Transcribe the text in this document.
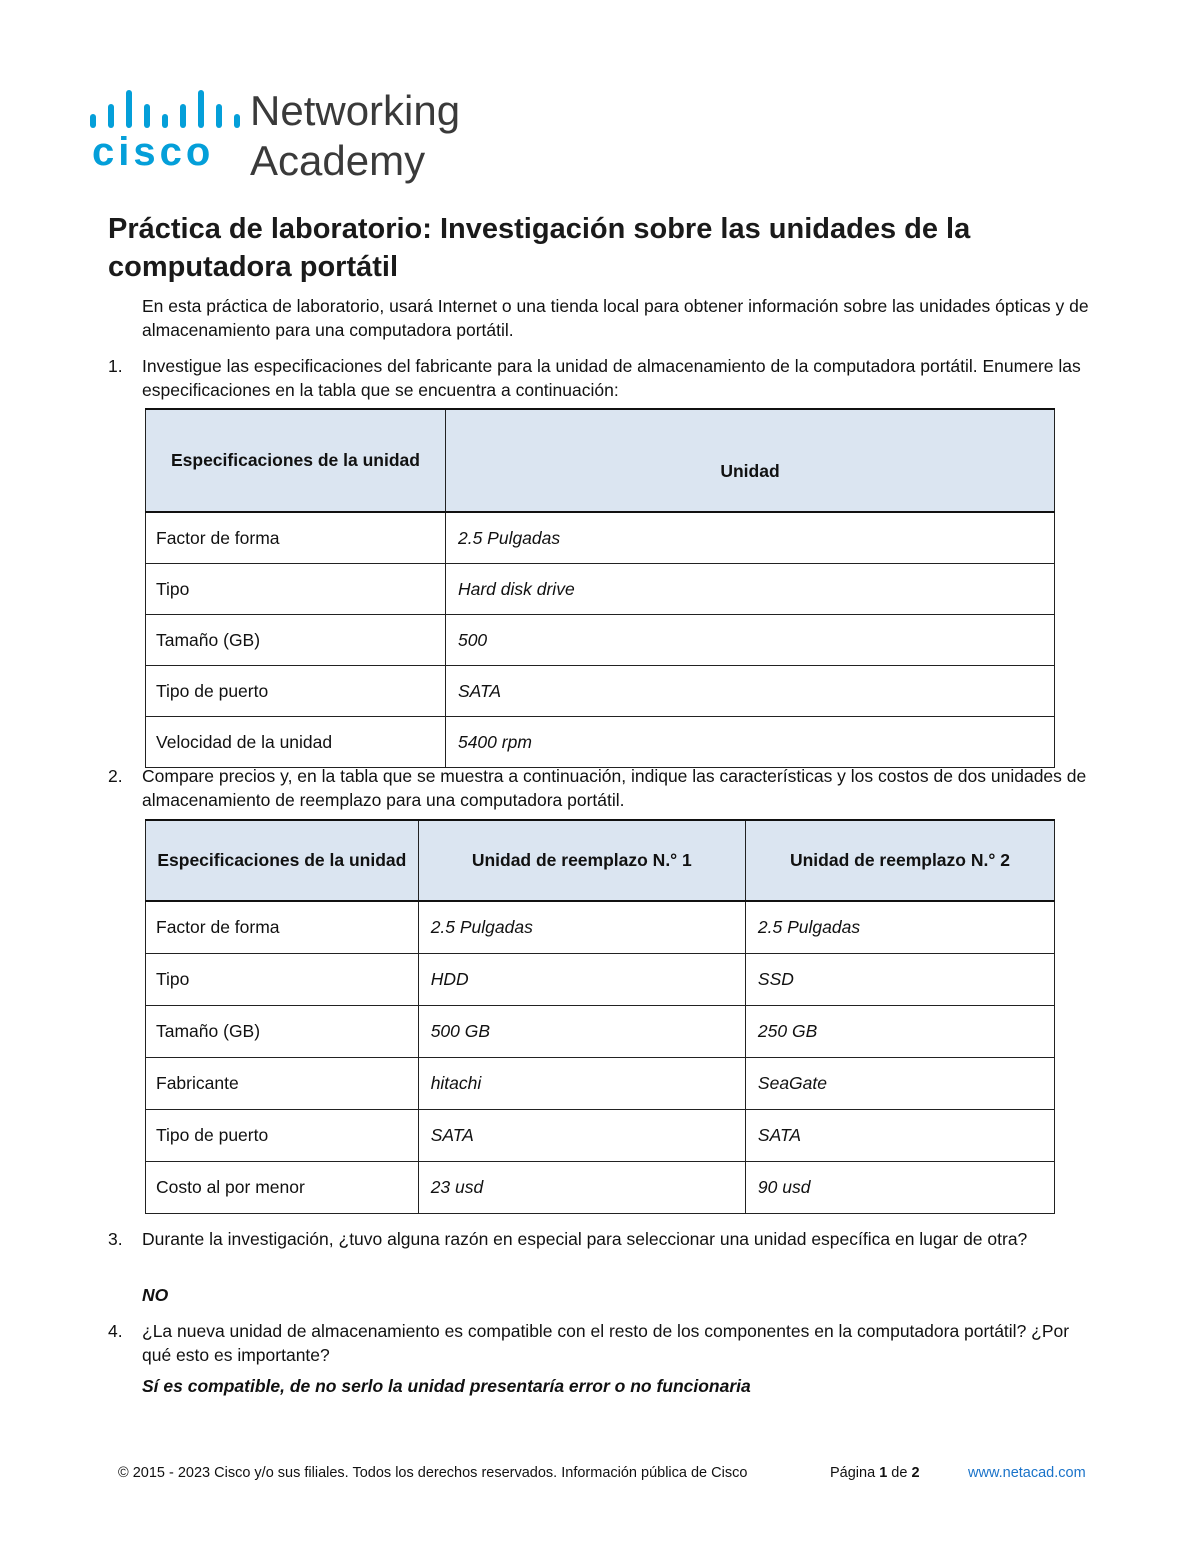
cisco
Networking
Academy
Práctica de laboratorio: Investigación sobre las unidades de la computadora portátil

En esta práctica de laboratorio, usará Internet o una tienda local para obtener información sobre las unidades ópticas y de almacenamiento para una computadora portátil.

1. Investigue las especificaciones del fabricante para la unidad de almacenamiento de la computadora portátil. Enumere las especificaciones en la tabla que se encuentra a continuación:
Especificaciones de la unidad	Unidad
Factor de forma	2.5 Pulgadas
Tipo	Hard disk drive
Tamaño (GB)	500
Tipo de puerto	SATA
Velocidad de la unidad	5400 rpm
2. Compare precios y, en la tabla que se muestra a continuación, indique las características y los costos de dos unidades de almacenamiento de reemplazo para una computadora portátil.
Especificaciones de la unidad	Unidad de reemplazo N.° 1	Unidad de reemplazo N.° 2
Factor de forma	2.5 Pulgadas	2.5 Pulgadas
Tipo	HDD	SSD
Tamaño (GB)	500 GB	250 GB
Fabricante	hitachi	SeaGate
Tipo de puerto	SATA	SATA
Costo al por menor	23 usd	90 usd
3. Durante la investigación, ¿tuvo alguna razón en especial para seleccionar una unidad específica en lugar de otra?
NO
4. ¿La nueva unidad de almacenamiento es compatible con el resto de los componentes en la computadora portátil? ¿Por qué esto es importante?
Sí es compatible, de no serlo la unidad presentaría error o no funcionaria
© 2015 - 2023 Cisco y/o sus filiales. Todos los derechos reservados. Información pública de Cisco	Página 1 de 2	www.netacad.com
